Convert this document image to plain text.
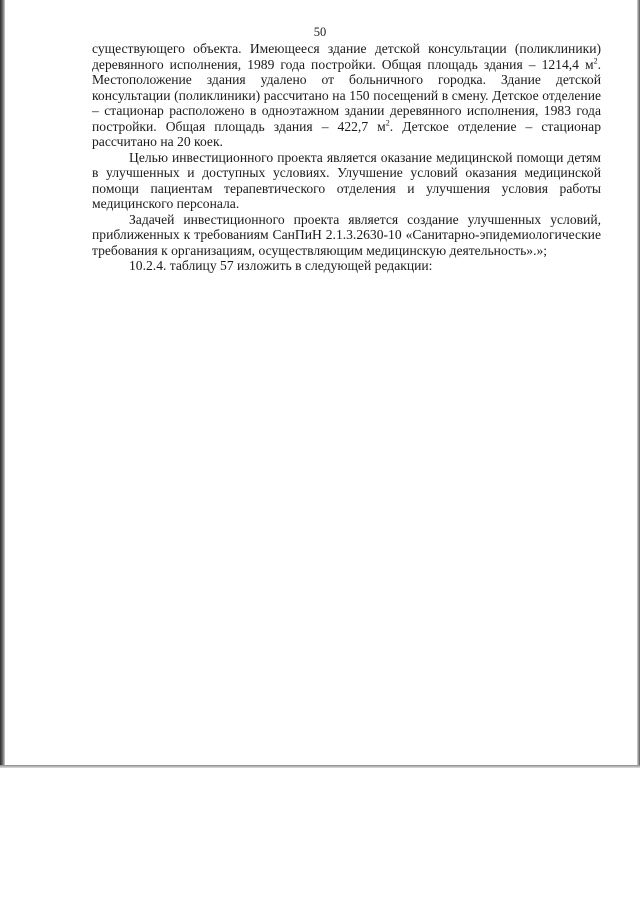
50

существующего объекта. Имеющееся здание детской консультации (поликлиники) деревянного исполнения, 1989 года постройки. Общая площадь здания – 1214,4 $м^2$. Местоположение здания удалено от больничного городка. Здание детской консультации (поликлиники) рассчитано на 150 посещений в смену. Детское отделение – стационар расположено в одноэтажном здании деревянного исполнения, 1983 года постройки. Общая площадь здания – 422,7 $м^2$. Детское отделение – стационар рассчитано на 20 коек.

Целью инвестиционного проекта является оказание медицинской помощи детям в улучшенных и доступных условиях. Улучшение условий оказания медицинской помощи пациентам терапевтического отделения и улучшения условия работы медицинского персонала.

Задачей инвестиционного проекта является создание улучшенных условий, приближенных к требованиям СанПиН 2.1.3.2630-10 «Санитарно-эпидемиологические требования к организациям, осуществляющим медицинскую деятельность».»;

10.2.4. таблицу 57 изложить в следующей редакции:
